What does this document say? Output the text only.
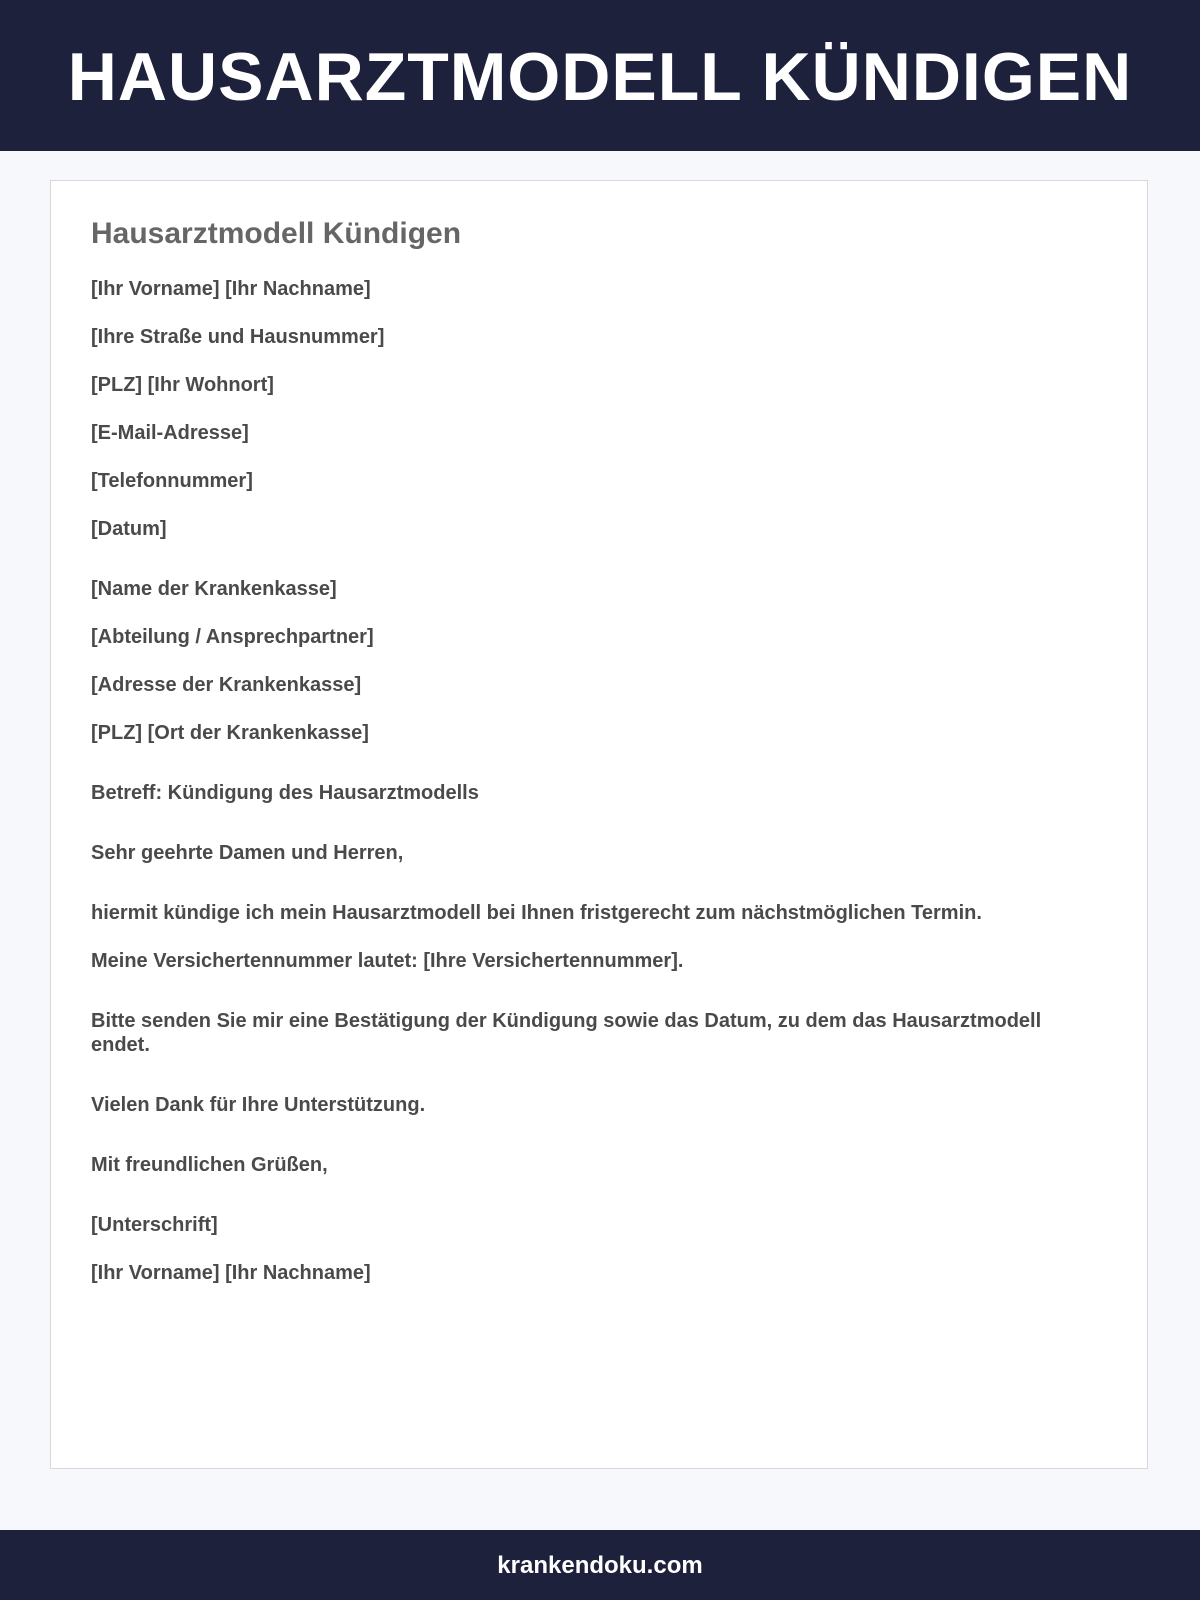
HAUSARZTMODELL KÜNDIGEN
Hausarztmodell Kündigen

[Ihr Vorname] [Ihr Nachname]

[Ihre Straße und Hausnummer]

[PLZ] [Ihr Wohnort]

[E-Mail-Adresse]

[Telefonnummer]

[Datum]

[Name der Krankenkasse]

[Abteilung / Ansprechpartner]

[Adresse der Krankenkasse]

[PLZ] [Ort der Krankenkasse]

Betreff: Kündigung des Hausarztmodells

Sehr geehrte Damen und Herren,

hiermit kündige ich mein Hausarztmodell bei Ihnen fristgerecht zum nächstmöglichen Termin.

Meine Versichertennummer lautet: [Ihre Versichertennummer].

Bitte senden Sie mir eine Bestätigung der Kündigung sowie das Datum, zu dem das Hausarztmodell endet.

Vielen Dank für Ihre Unterstützung.

Mit freundlichen Grüßen,

[Unterschrift]

[Ihr Vorname] [Ihr Nachname]

krankendoku.com
